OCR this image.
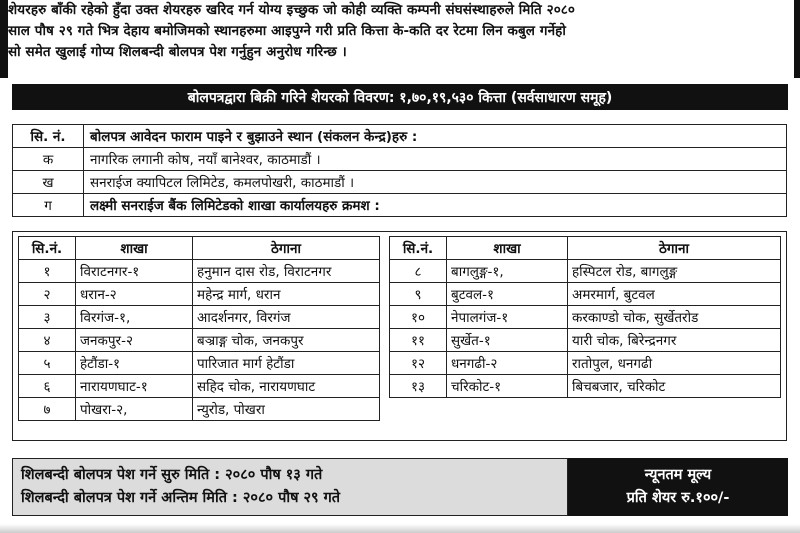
शेयरहरु बाँकी रहेको हुँदा उक्त शेयरहरु खरिद गर्न योग्य इच्छुक जो कोही व्यक्ति कम्पनी संघसंस्थाहरुले मिति २०८०
साल पौष २९ गते भित्र देहाय बमोजिमको स्थानहरुमा आइपुग्ने गरी प्रति कित्ता के-कति दर रेटमा लिन कबुल गर्नेहो
सो समेत खुलाई गोप्य शिलबन्दी बोलपत्र पेश गर्नुहुन अनुरोध गरिन्छ ।
बोलपत्रद्वारा बिक्री गरिने शेयरको विवरण: १,७०,१९,५३० कित्ता (सर्वसाधारण समूह)
सि. नं.	बोलपत्र आवेदन फाराम पाइने र बुझाउने स्थान (संकलन केन्द्र)हरु :
क	नागरिक लगानी कोष, नयाँ बानेश्वर, काठमाडौं ।
ख	सनराईज क्यापिटल लिमिटेड, कमलपोखरी, काठमाडौं ।
ग	लक्ष्मी सनराईज बैंक लिमिटेडको शाखा कार्यालयहरु क्रमश :
सि.नं.	शाखा	ठेगाना
१	विराटनगर-१	हनुमान दास रोड, विराटनगर
२	धरान-२	महेन्द्र मार्ग, धरान
३	विरगंज-१,	आदर्शनगर, विरगंज
४	जनकपुर-२	बञ्राङ्ग चोक, जनकपुर
५	हेटौंडा-१	पारिजात मार्ग हेटौंडा
६	नारायणघाट-१	सहिद चोक, नारायणघाट
७	पोखरा-२,	न्युरोड, पोखरा
सि.नं.	शाखा	ठेगाना
८	बागलुङ्ग-१,	हस्पिटल रोड, बागलुङ्ग
९	बुटवल-१	अमरमार्ग, बुटवल
१०	नेपालगंज-१	करकाण्डो चोक, सुर्खेतरोड
११	सुर्खेत-१	यारी चोक, बिरेन्द्रनगर
१२	धनगढी-२	रातोपुल, धनगढी
१३	चरिकोट-१	बिचबजार, चरिकोट
शिलबन्दी बोलपत्र पेश गर्ने सुरु मिति : २०८० पौष १३ गते
शिलबन्दी बोलपत्र पेश गर्ने अन्तिम मिति : २०८० पौष २९ गते
न्यूनतम मूल्य
प्रति शेयर रु.१००/-
